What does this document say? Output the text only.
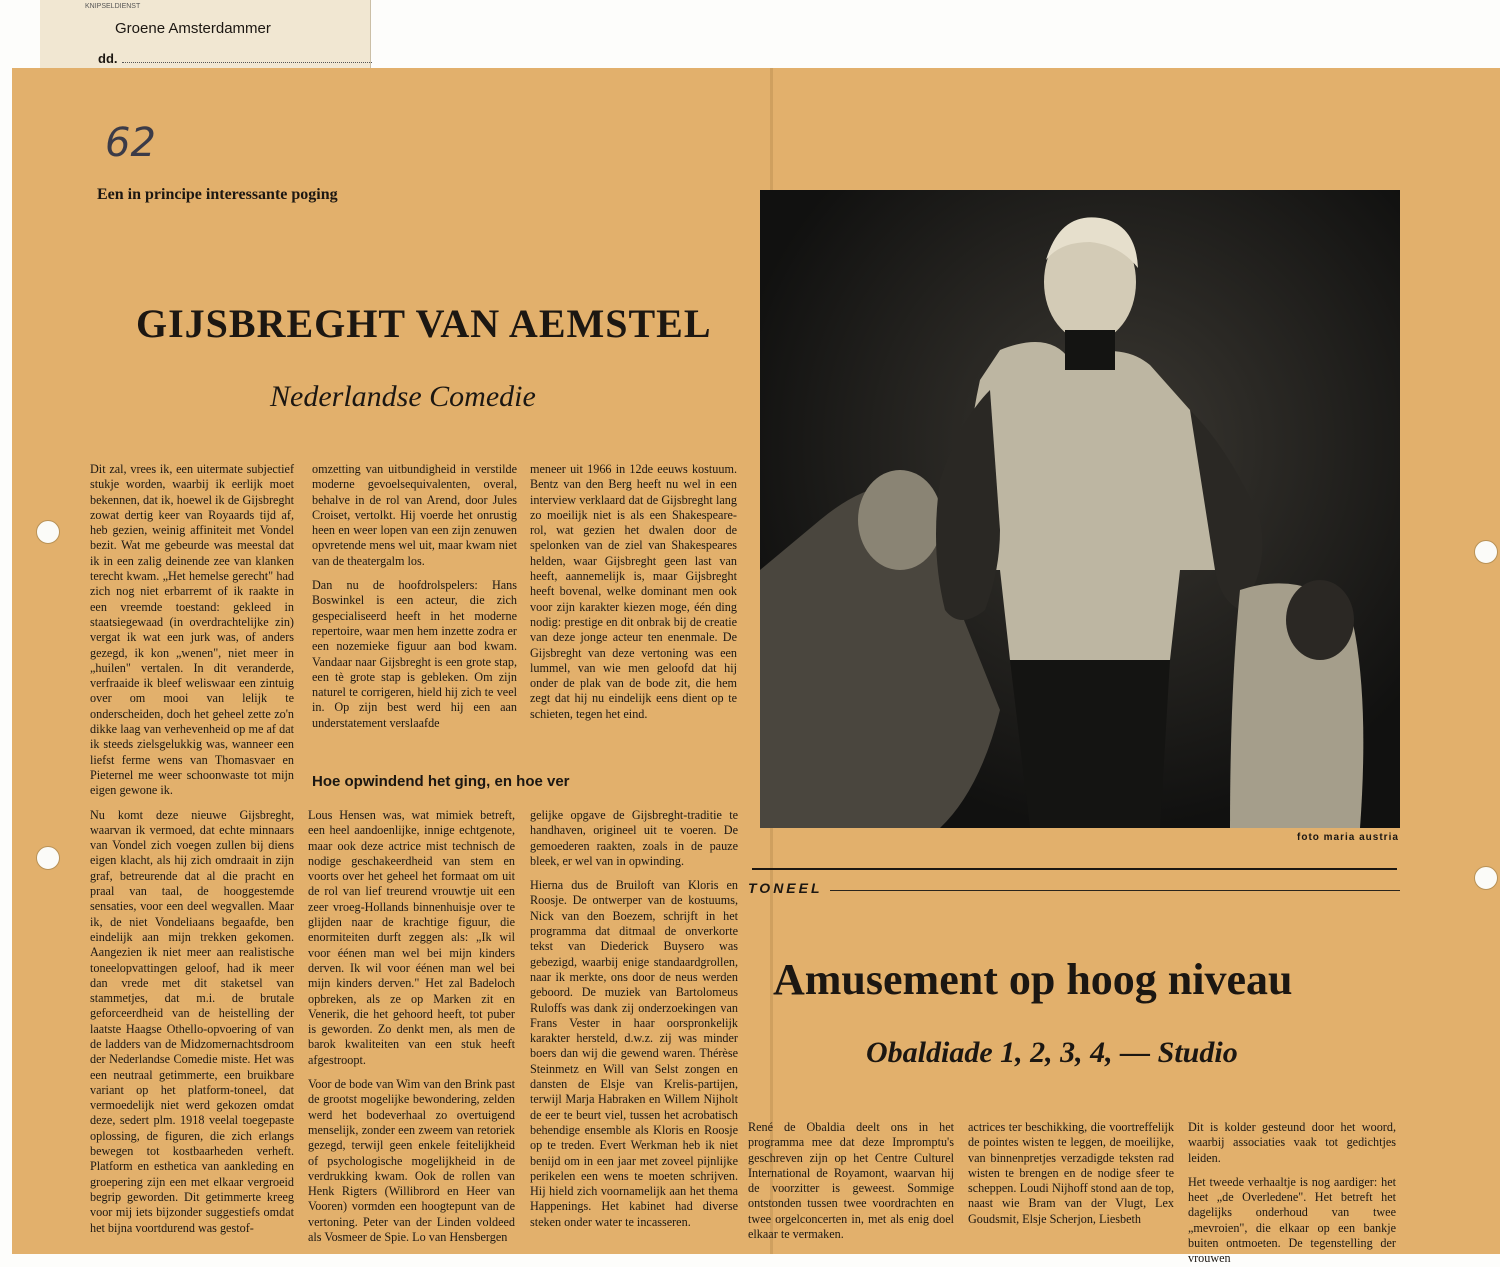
KNIPSELDIENST
Groene Amsterdammer
dd.
62
Een in principe interessante poging
GIJSBREGHT VAN AEMSTEL
Nederlandse Comedie

Dit zal, vrees ik, een uitermate subjectief stukje worden, waarbij ik eerlijk moet bekennen, dat ik, hoewel ik de Gijsbreght zowat dertig keer van Royaards tijd af, heb gezien, weinig affiniteit met Vondel bezit. Wat me gebeurde was meestal dat ik in een zalig deinende zee van klanken terecht kwam. „Het hemelse gerecht" had zich nog niet erbarremt of ik raakte in een vreemde toestand: gekleed in staatsiegewaad (in overdrachtelijke zin) vergat ik wat een jurk was, of anders gezegd, ik kon „wenen", niet meer in „huilen" vertalen. In dit veranderde, verfraaide ik bleef weliswaar een zintuig over om mooi van lelijk te onderscheiden, doch het geheel zette zo'n dikke laag van verhevenheid op me af dat ik steeds zielsgelukkig was, wanneer een liefst ferme wens van Thomasvaer en Pieternel me weer schoonwaste tot mijn eigen gewone ik.

Nu komt deze nieuwe Gijsbreght, waarvan ik vermoed, dat echte minnaars van Vondel zich voegen zullen bij diens eigen klacht, als hij zich omdraait in zijn graf, betreurende dat al die pracht en praal van taal, de hooggestemde sensaties, voor een deel wegvallen. Maar ik, de niet Vondeliaans begaafde, ben eindelijk aan mijn trekken gekomen. Aangezien ik niet meer aan realistische toneelopvattingen geloof, had ik meer dan vrede met dit staketsel van stammetjes, dat m.i. de brutale geforceerdheid van de heistelling der laatste Haagse Othello-opvoering of van de ladders van de Midzomernachtsdroom der Nederlandse Comedie miste. Het was een neutraal getimmerte, een bruikbare variant op het platform-toneel, dat vermoedelijk niet werd gekozen omdat deze, sedert plm. 1918 veelal toegepaste oplossing, de figuren, die zich erlangs bewegen tot kostbaarheden verheft. Platform en esthetica van aankleding en groepering zijn een met elkaar vergroeid begrip geworden. Dit getimmerte kreeg voor mij iets bijzonder suggestiefs omdat het bijna voortdurend was gestof-

omzetting van uitbundigheid in verstilde moderne gevoelsequivalenten, overal, behalve in de rol van Arend, door Jules Croiset, vertolkt. Hij voerde het onrustig heen en weer lopen van een zijn zenuwen opvretende mens wel uit, maar kwam niet van de theatergalm los.

Dan nu de hoofdrolspelers: Hans Boswinkel is een acteur, die zich gespecialiseerd heeft in het moderne repertoire, waar men hem inzette zodra er een nozemieke figuur aan bod kwam. Vandaar naar Gijsbreght is een grote stap, een tè grote stap is gebleken. Om zijn naturel te corrigeren, hield hij zich te veel in. Op zijn best werd hij een aan understatement verslaafde

meneer uit 1966 in 12de eeuws kostuum. Bentz van den Berg heeft nu wel in een interview verklaard dat de Gijsbreght lang zo moeilijk niet is als een Shakespeare-rol, wat gezien het dwalen door de spelonken van de ziel van Shakespeares helden, waar Gijsbreght geen last van heeft, aannemelijk is, maar Gijsbreght heeft bovenal, welke dominant men ook voor zijn karakter kiezen moge, één ding nodig: prestige en dit onbrak bij de creatie van deze jonge acteur ten enenmale. De Gijsbreght van deze vertoning was een lummel, van wie men geloofd dat hij onder de plak van de bode zit, die hem zegt dat hij nu eindelijk eens dient op te schieten, tegen het eind.

Hoe opwindend het ging, en hoe ver

Lous Hensen was, wat mimiek betreft, een heel aandoenlijke, innige echtgenote, maar ook deze actrice mist technisch de nodige geschakeerdheid van stem en voorts over het geheel het formaat om uit de rol van lief treurend vrouwtje uit een zeer vroeg-Hollands binnenhuisje over te glijden naar de krachtige figuur, die enormiteiten durft zeggen als: „Ik wil voor éénen man wel bei mijn kinders derven. Ik wil voor éénen man wel bei mijn kinders derven." Het zal Badeloch opbreken, als ze op Marken zit en Venerik, die het gehoord heeft, tot puber is geworden. Zo denkt men, als men de barok kwaliteiten van een stuk heeft afgestroopt.

Voor de bode van Wim van den Brink past de grootst mogelijke bewondering, zelden werd het bodeverhaal zo overtuigend menselijk, zonder een zweem van retoriek gezegd, terwijl geen enkele feitelijkheid of psychologische mogelijkheid in de verdrukking kwam. Ook de rollen van Henk Rigters (Willibrord en Heer van Vooren) vormden een hoogtepunt van de vertoning. Peter van der Linden voldeed als Vosmeer de Spie. Lo van Hensbergen

gelijke opgave de Gijsbreght-traditie te handhaven, origineel uit te voeren. De gemoederen raakten, zoals in de pauze bleek, er wel van in opwinding.

Hierna dus de Bruiloft van Kloris en Roosje. De ontwerper van de kostuums, Nick van den Boezem, schrijft in het programma dat ditmaal de onverkorte tekst van Diederick Buysero was gebezigd, waarbij enige standaardgrollen, naar ik merkte, ons door de neus werden geboord. De muziek van Bartolomeus Ruloffs was dank zij onderzoekingen van Frans Vester in haar oorspronkelijk karakter hersteld, d.w.z. zij was minder boers dan wij die gewend waren. Thérèse Steinmetz en Will van Selst zongen en dansten de Elsje van Krelis-partijen, terwijl Marja Habraken en Willem Nijholt de eer te beurt viel, tussen het acrobatisch behendige ensemble als Kloris en Roosje op te treden. Evert Werkman heb ik niet benijd om in een jaar met zoveel pijnlijke perikelen een wens te moeten schrijven. Hij hield zich voornamelijk aan het thema Happenings. Het kabinet had diverse steken onder water te incasseren.

foto maria austria
TONEEL
Amusement op hoog niveau
Obaldiade 1, 2, 3, 4, — Studio

René de Obaldia deelt ons in het programma mee dat deze Impromptu's geschreven zijn op het Centre Culturel International de Royamont, waarvan hij de voorzitter is geweest. Sommige ontstonden tussen twee voordrachten en twee orgelconcerten in, met als enig doel elkaar te vermaken.

actrices ter beschikking, die voortreffelijk de pointes wisten te leggen, de moeilijke, van binnenpretjes verzadigde teksten rad wisten te brengen en de nodige sfeer te scheppen. Loudi Nijhoff stond aan de top, naast wie Bram van der Vlugt, Lex Goudsmit, Elsje Scherjon, Liesbeth

Dit is kolder gesteund door het woord, waarbij associaties vaak tot gedichtjes leiden.

Het tweede verhaaltje is nog aardiger: het heet „de Overledene". Het betreft het dagelijks onderhoud van twee „mevroien", die elkaar op een bankje buiten ontmoeten. De tegenstelling der vrouwen
